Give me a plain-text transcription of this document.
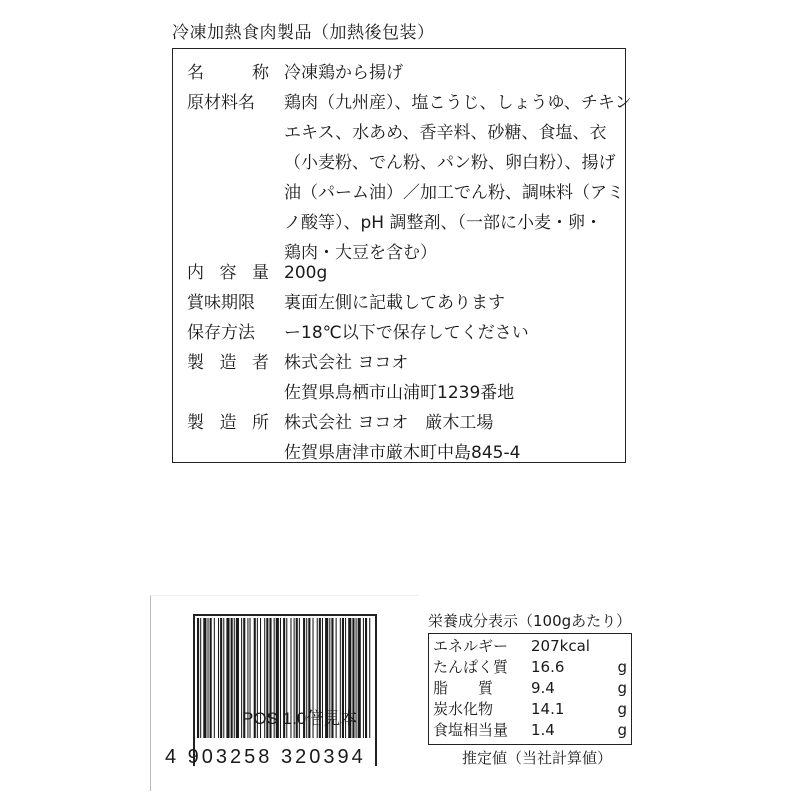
冷凍加熱食肉製品（加熱後包装）
名	称 冷凍鶏から揚げ
原材料名	鶏肉（九州産）、塩こうじ、しょうゆ、チキン
エキス、水あめ、香辛料、砂糖、食塩、衣
（小麦粉、でん粉、パン粉、卵白粉）、揚げ
油（パーム油）／加工でん粉、調味料（アミ
ノ酸等）、pH 調整剤、（一部に小麦・卵・
鶏肉・大豆を含む）
内 容 量 200g
賞味期限	裏面左側に記載してあります
保存方法	ー18℃以下で保存してください
製 造 者 株式会社 ヨコオ
佐賀県鳥栖市山浦町1239番地
製 造 所 株式会社 ヨコオ　厳木工場
佐賀県唐津市厳木町中島845-4
POS 1.0倍見本
4 903258 320394
栄養成分表示（100gあたり）
エネルギー	207kcal
たんぱく質	16.6	g
脂　　質	9.4	g
炭水化物	14.1	g
食塩相当量	1.4	g
推定値（当社計算値）
